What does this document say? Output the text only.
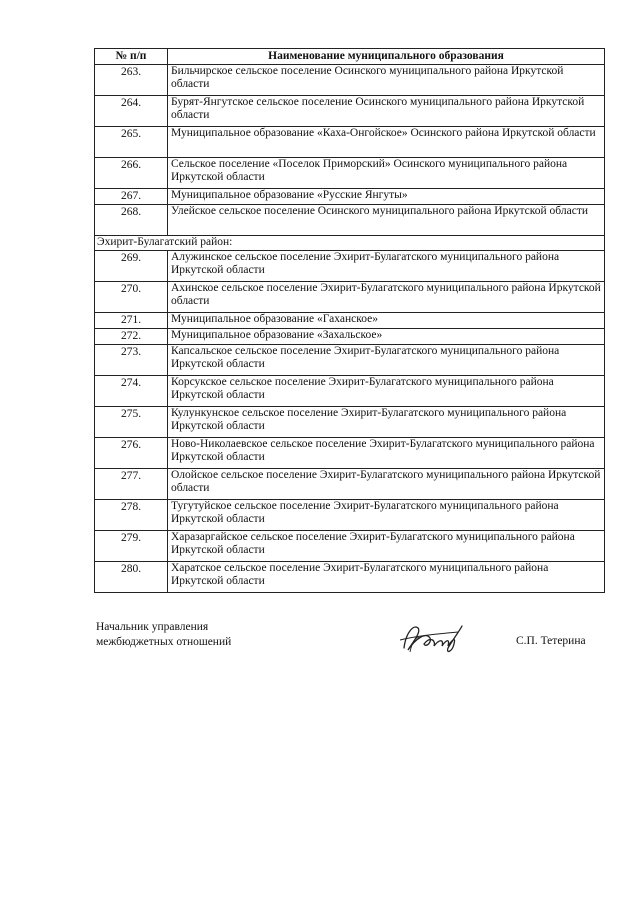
№ п/п	Наименование муниципального образования
263.	Бильчирское сельское поселение Осинского муниципального района Иркутской области
264.	Бурят-Янгутское сельское поселение Осинского муниципального района Иркутской области
265.	Муниципальное образование «Каха-Онгойское» Осинского района Иркутской области
266.	Сельское поселение «Поселок Приморский» Осинского муниципального района Иркутской области
267.	Муниципальное образование «Русские Янгуты»
268.	Улейское сельское поселение Осинского муниципального района Иркутской области
Эхирит-Булагатский район:	
269.	Алужинское сельское поселение Эхирит-Булагатского муниципального района Иркутской области
270.	Ахинское сельское поселение Эхирит-Булагатского муниципального района Иркутской области
271.	Муниципальное образование «Гаханское»
272.	Муниципальное образование «Захальское»
273.	Капсальское сельское поселение Эхирит-Булагатского муниципального района Иркутской области
274.	Корсукское сельское поселение Эхирит-Булагатского муниципального района Иркутской области
275.	Кулункунское сельское поселение Эхирит-Булагатского муниципального района Иркутской области
276.	Ново-Николаевское сельское поселение Эхирит-Булагатского муниципального района Иркутской области
277.	Олойское сельское поселение Эхирит-Булагатского муниципального района Иркутской области
278.	Тугутуйское сельское поселение Эхирит-Булагатского муниципального района Иркутской области
279.	Харазаргайское сельское поселение Эхирит-Булагатского муниципального района Иркутской области
280.	Харатское сельское поселение Эхирит-Булагатского муниципального района Иркутской области
Начальник управления
межбюджетных отношений	С.П. Тетерина
